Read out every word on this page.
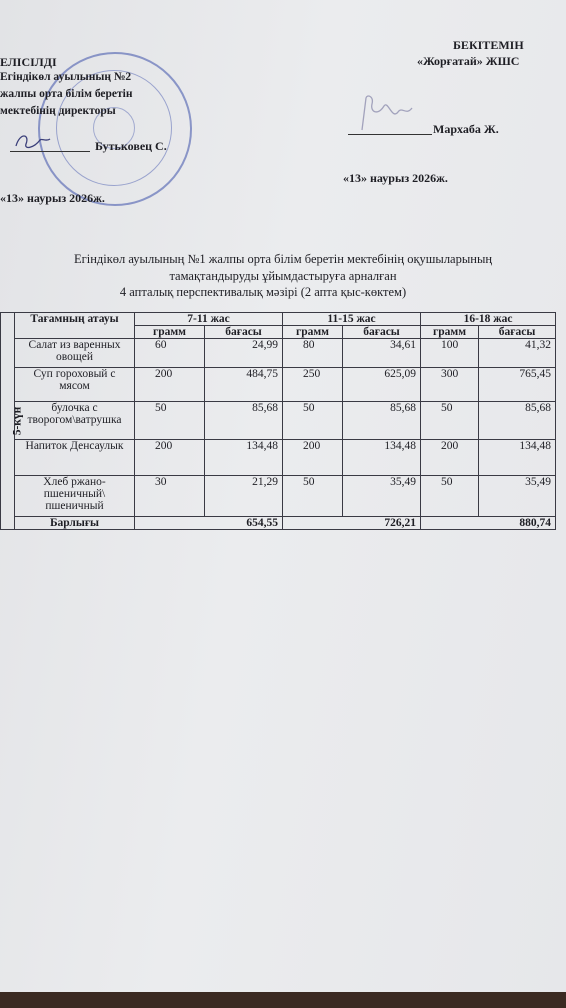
ЕЛІСІЛДІ
Егіндікөл ауылының №2
жалпы орта білім беретін
мектебінің директоры
Бутьковец С.
«13» наурыз 2026ж.
БЕКІТЕМІН
«Жорғатай» ЖШС
Мархаба Ж.
«13» наурыз 2026ж.
Егіндікөл ауылының №1 жалпы орта білім беретін мектебінің оқушыларының
тамақтандыруды ұйымдастыруға арналған
4 апталық перспективалық мәзірі (2 апта қыс-көктем)
5-күн	Тағамның атауы	7-11 жас		11-15 жас		16-18 жас	
		грамм	бағасы	грамм	бағасы	грамм	бағасы
	Салат из варенных овощей	60	24,99	80	34,61	100	41,32
	Суп гороховый с мясом	200	484,75	250	625,09	300	765,45
	булочка с творогом\ватрушка	50	85,68	50	85,68	50	85,68
	Напиток Денсаулык	200	134,48	200	134,48	200	134,48
	Хлеб ржано-пшеничный\ пшеничный	30	21,29	50	35,49	50	35,49
	Барлығы	654,55		726,21		880,74	
